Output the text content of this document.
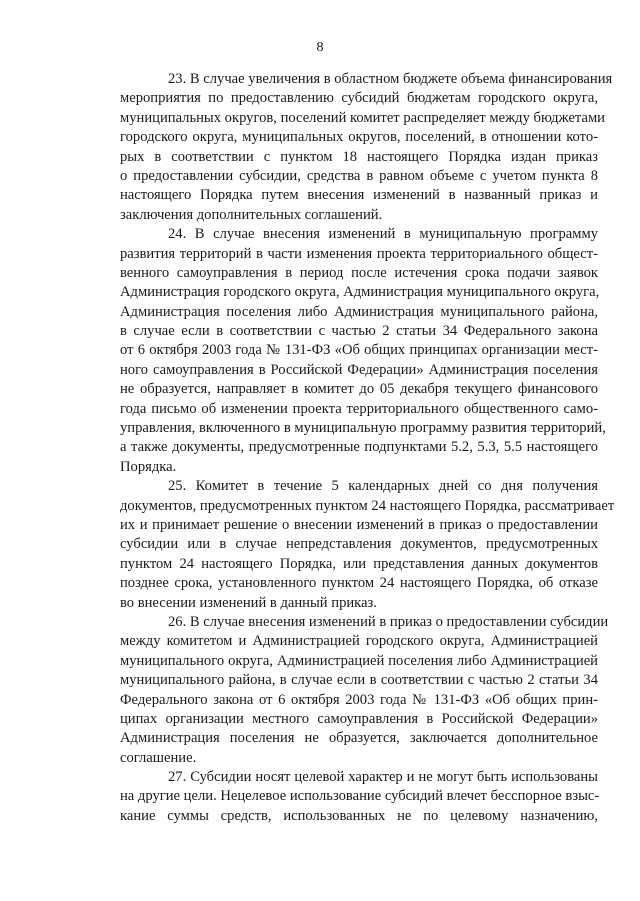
8
23. В случае увеличения в областном бюджете объема финансирования
мероприятия по предоставлению субсидий бюджетам городского округа,
муниципальных округов, поселений комитет распределяет между бюджетами
городского округа, муниципальных округов, поселений, в отношении кото-
рых в соответствии с пунктом 18 настоящего Порядка издан приказ
о предоставлении субсидии, средства в равном объеме с учетом пункта 8
настоящего Порядка путем внесения изменений в названный приказ и
заключения дополнительных соглашений.
24. В случае внесения изменений в муниципальную программу
развития территорий в части изменения проекта территориального общест-
венного самоуправления в период после истечения срока подачи заявок
Администрация городского округа, Администрация муниципального округа,
Администрация поселения либо Администрация муниципального района,
в случае если в соответствии с частью 2 статьи 34 Федерального закона
от 6 октября 2003 года № 131-ФЗ «Об общих принципах организации мест-
ного самоуправления в Российской Федерации» Администрация поселения
не образуется, направляет в комитет до 05 декабря текущего финансового
года письмо об изменении проекта территориального общественного само-
управления, включенного в муниципальную программу развития территорий,
а также документы, предусмотренные подпунктами 5.2, 5.3, 5.5 настоящего
Порядка.
25. Комитет в течение 5 календарных дней со дня получения
документов, предусмотренных пунктом 24 настоящего Порядка, рассматривает
их и принимает решение о внесении изменений в приказ о предоставлении
субсидии или в случае непредставления документов, предусмотренных
пунктом 24 настоящего Порядка, или представления данных документов
позднее срока, установленного пунктом 24 настоящего Порядка, об отказе
во внесении изменений в данный приказ.
26. В случае внесения изменений в приказ о предоставлении субсидии
между комитетом и Администрацией городского округа, Администрацией
муниципального округа, Администрацией поселения либо Администрацией
муниципального района, в случае если в соответствии с частью 2 статьи 34
Федерального закона от 6 октября 2003 года № 131-ФЗ «Об общих прин-
ципах организации местного самоуправления в Российской Федерации»
Администрация поселения не образуется, заключается дополнительное
соглашение.
27. Субсидии носят целевой характер и не могут быть использованы
на другие цели. Нецелевое использование субсидий влечет бесспорное взыс-
кание суммы средств, использованных не по целевому назначению,
